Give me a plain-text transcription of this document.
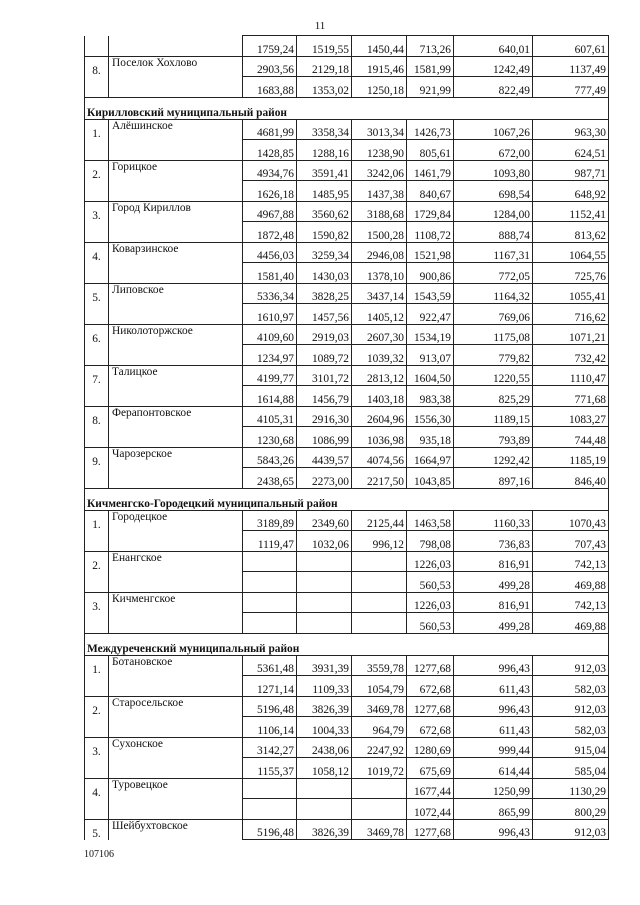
11
		1759,24	1519,55	1450,44	713,26	640,01	607,61
8.	Поселок Хохлово	2903,56	2129,18	1915,46	1581,99	1242,49	1137,49
		1683,88	1353,02	1250,18	921,99	822,49	777,49
Кирилловский муниципальный район							
1.	Алёшинское	4681,99	3358,34	3013,34	1426,73	1067,26	963,30
		1428,85	1288,16	1238,90	805,61	672,00	624,51
2.	Горицкое	4934,76	3591,41	3242,06	1461,79	1093,80	987,71
		1626,18	1485,95	1437,38	840,67	698,54	648,92
3.	Город Кириллов	4967,88	3560,62	3188,68	1729,84	1284,00	1152,41
		1872,48	1590,82	1500,28	1108,72	888,74	813,62
4.	Коварзинское	4456,03	3259,34	2946,08	1521,98	1167,31	1064,55
		1581,40	1430,03	1378,10	900,86	772,05	725,76
5.	Липовское	5336,34	3828,25	3437,14	1543,59	1164,32	1055,41
		1610,97	1457,56	1405,12	922,47	769,06	716,62
6.	Николоторжское	4109,60	2919,03	2607,30	1534,19	1175,08	1071,21
		1234,97	1089,72	1039,32	913,07	779,82	732,42
7.	Талицкое	4199,77	3101,72	2813,12	1604,50	1220,55	1110,47
		1614,88	1456,79	1403,18	983,38	825,29	771,68
8.	Ферапонтовское	4105,31	2916,30	2604,96	1556,30	1189,15	1083,27
		1230,68	1086,99	1036,98	935,18	793,89	744,48
9.	Чарозерское	5843,26	4439,57	4074,56	1664,97	1292,42	1185,19
		2438,65	2273,00	2217,50	1043,85	897,16	846,40
Кичменгско-Городецкий муниципальный район							
1.	Городецкое	3189,89	2349,60	2125,44	1463,58	1160,33	1070,43
		1119,47	1032,06	996,12	798,08	736,83	707,43
2.	Енангское				1226,03	816,91	742,13
					560,53	499,28	469,88
3.	Кичменгское				1226,03	816,91	742,13
					560,53	499,28	469,88
Междуреченский муниципальный район							
1.	Ботановское	5361,48	3931,39	3559,78	1277,68	996,43	912,03
		1271,14	1109,33	1054,79	672,68	611,43	582,03
2.	Старосельское	5196,48	3826,39	3469,78	1277,68	996,43	912,03
		1106,14	1004,33	964,79	672,68	611,43	582,03
3.	Сухонское	3142,27	2438,06	2247,92	1280,69	999,44	915,04
		1155,37	1058,12	1019,72	675,69	614,44	585,04
4.	Туровецкое				1677,44	1250,99	1130,29
					1072,44	865,99	800,29
5.	Шейбухтовское	5196,48	3826,39	3469,78	1277,68	996,43	912,03
107106
